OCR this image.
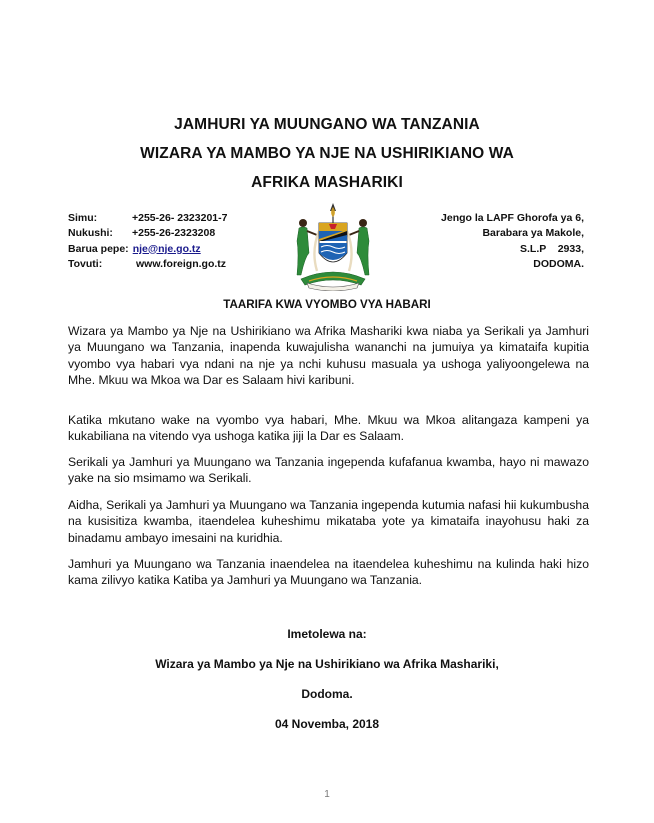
JAMHURI YA MUUNGANO WA TANZANIA
WIZARA YA MAMBO YA NJE NA USHIRIKIANO WA
AFRIKA MASHARIKI
Simu:	+255-26- 2323201-7
Nukushi:	+255-26-2323208
Barua pepe: nje@nje.go.tz
Tovuti:	www.foreign.go.tz
Jengo la LAPF Ghorofa ya 6,
Barabara ya Makole,
S.L.P    2933,
DODOMA.
TAARIFA KWA VYOMBO VYA HABARI

Wizara ya Mambo ya Nje na Ushirikiano wa Afrika Mashariki kwa niaba ya Serikali ya Jamhuri ya Muungano wa Tanzania, inapenda kuwajulisha wananchi na jumuiya ya kimataifa kupitia vyombo vya habari vya ndani na nje ya nchi kuhusu masuala ya ushoga yaliyoongelewa na Mhe. Mkuu wa Mkoa wa Dar es Salaam hivi karibuni.

Katika mkutano wake na vyombo vya habari, Mhe. Mkuu wa Mkoa alitangaza kampeni ya kukabiliana na vitendo vya ushoga katika jiji la Dar es Salaam.

Serikali ya Jamhuri ya Muungano wa Tanzania ingependa kufafanua kwamba, hayo ni mawazo yake na sio msimamo wa Serikali.

Aidha, Serikali ya Jamhuri ya Muungano wa Tanzania ingependa kutumia nafasi hii kukumbusha na kusisitiza kwamba, itaendelea kuheshimu mikataba yote ya kimataifa inayohusu haki za binadamu ambayo imesaini na kuridhia.

Jamhuri ya Muungano wa Tanzania inaendelea na itaendelea kuheshimu na kulinda haki hizo kama zilivyo katika Katiba ya Jamhuri ya Muungano wa Tanzania.

Imetolewa na:
Wizara ya Mambo ya Nje na Ushirikiano wa Afrika Mashariki,
Dodoma.
04 Novemba, 2018
1
